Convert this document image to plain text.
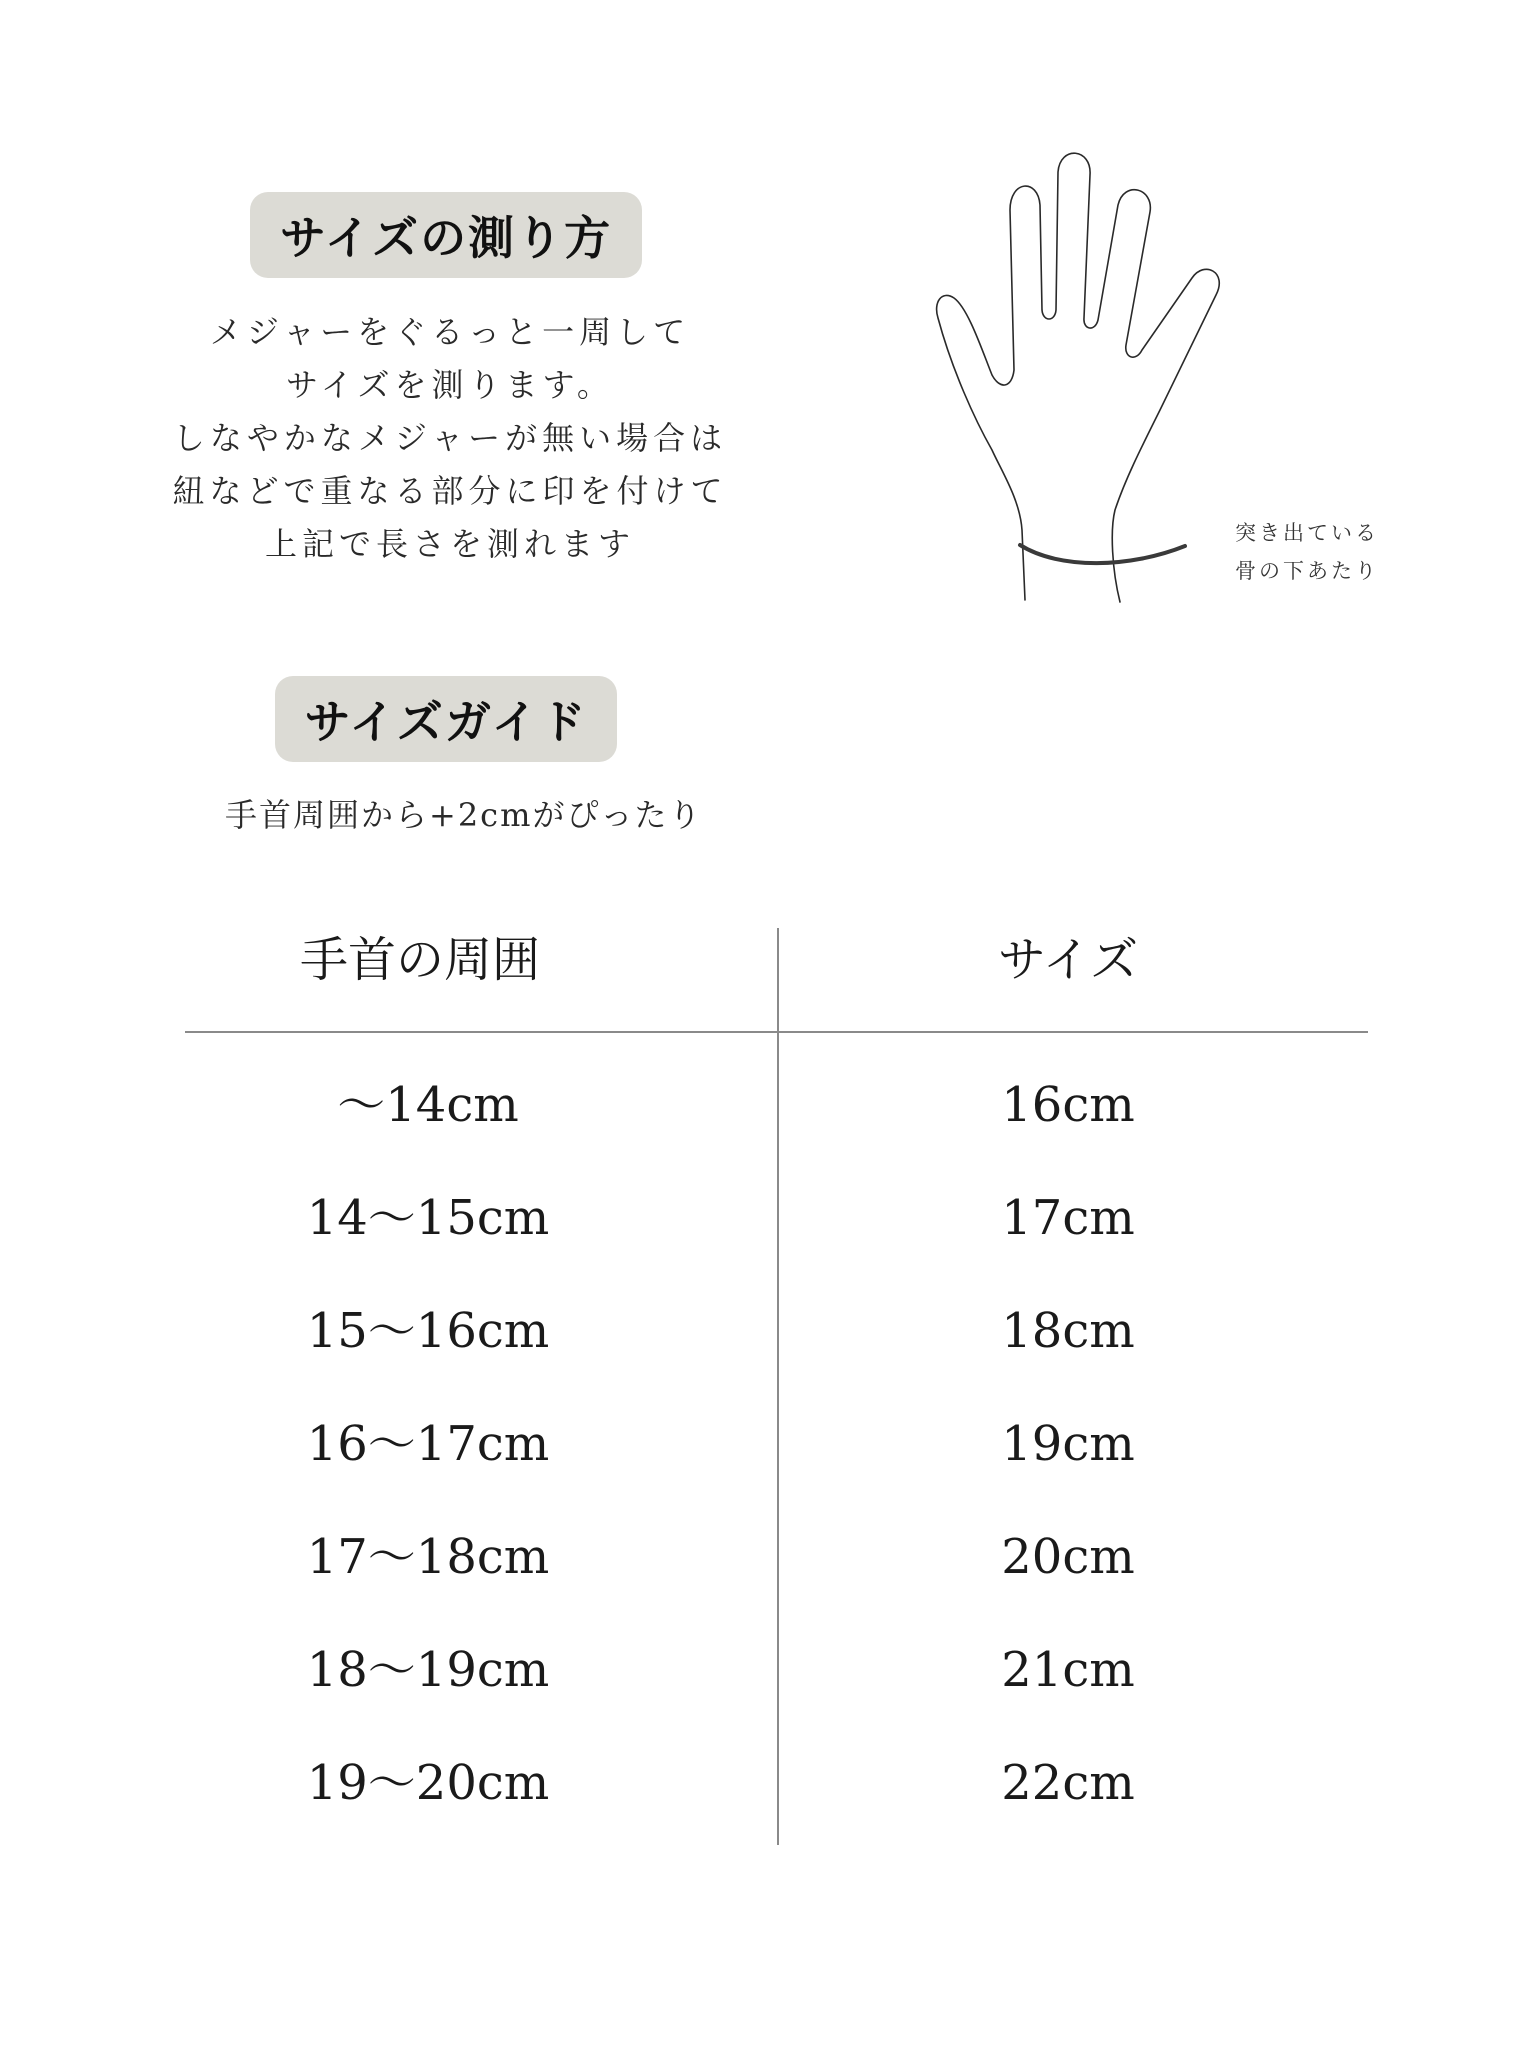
サイズの測り方
メジャーをぐるっと一周して
サイズを測ります。
しなやかなメジャーが無い場合は
紐などで重なる部分に印を付けて
上記で長さを測れます	突き出ている
骨の下あたり
サイズガイド
手首周囲から+2cmがぴったり
手首の周囲	サイズ
〜14cm	16cm
14〜15cm	17cm
15〜16cm	18cm
16〜17cm	19cm
17〜18cm	20cm
18〜19cm	21cm
19〜20cm	22cm
